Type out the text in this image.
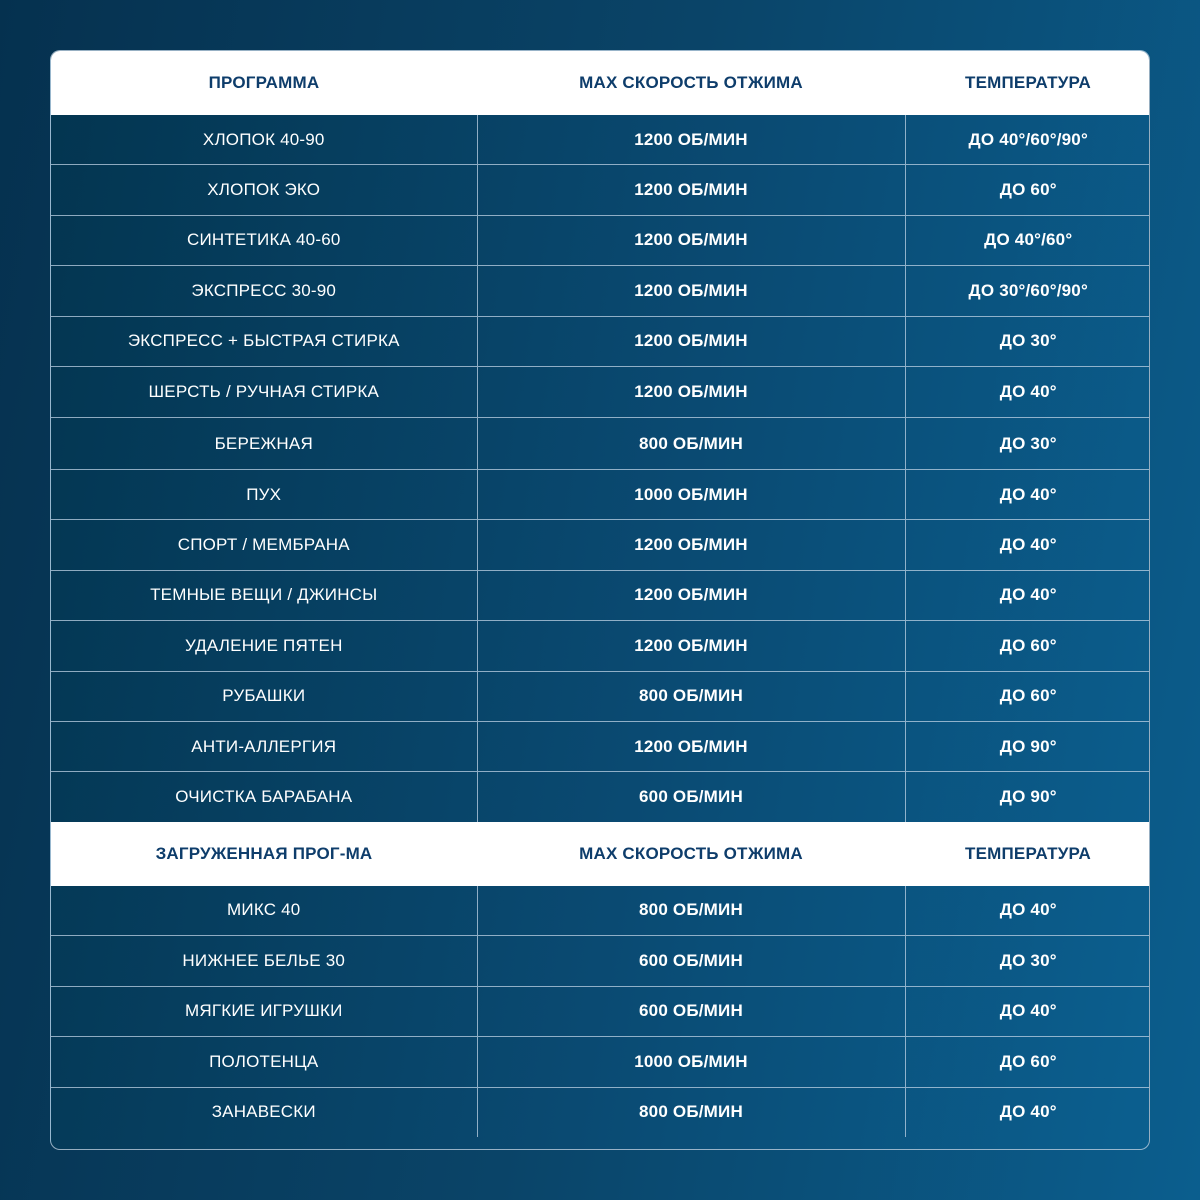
ПРОГРАММА	MAX СКОРОСТЬ ОТЖИМА	ТЕМПЕРАТУРА
ХЛОПОК 40-90	1200 ОБ/МИН	ДО 40°/60°/90°
ХЛОПОК ЭКО	1200 ОБ/МИН	ДО 60°
СИНТЕТИКА 40-60	1200 ОБ/МИН	ДО 40°/60°
ЭКСПРЕСС 30-90	1200 ОБ/МИН	ДО 30°/60°/90°
ЭКСПРЕСС + БЫСТРАЯ СТИРКА	1200 ОБ/МИН	ДО 30°
ШЕРСТЬ / РУЧНАЯ СТИРКА	1200 ОБ/МИН	ДО 40°
БЕРЕЖНАЯ	800 ОБ/МИН	ДО 30°
ПУХ	1000 ОБ/МИН	ДО 40°
СПОРТ / МЕМБРАНА	1200 ОБ/МИН	ДО 40°
ТЕМНЫЕ ВЕЩИ / ДЖИНСЫ	1200 ОБ/МИН	ДО 40°
УДАЛЕНИЕ ПЯТЕН	1200 ОБ/МИН	ДО 60°
РУБАШКИ	800 ОБ/МИН	ДО 60°
АНТИ-АЛЛЕРГИЯ	1200 ОБ/МИН	ДО 90°
ОЧИСТКА БАРАБАНА	600 ОБ/МИН	ДО 90°
ЗАГРУЖЕННАЯ ПРОГ-МА	MAX СКОРОСТЬ ОТЖИМА	ТЕМПЕРАТУРА
МИКС 40	800 ОБ/МИН	ДО 40°
НИЖНЕЕ БЕЛЬЕ 30	600 ОБ/МИН	ДО 30°
МЯГКИЕ ИГРУШКИ	600 ОБ/МИН	ДО 40°
ПОЛОТЕНЦА	1000 ОБ/МИН	ДО 60°
ЗАНАВЕСКИ	800 ОБ/МИН	ДО 40°
